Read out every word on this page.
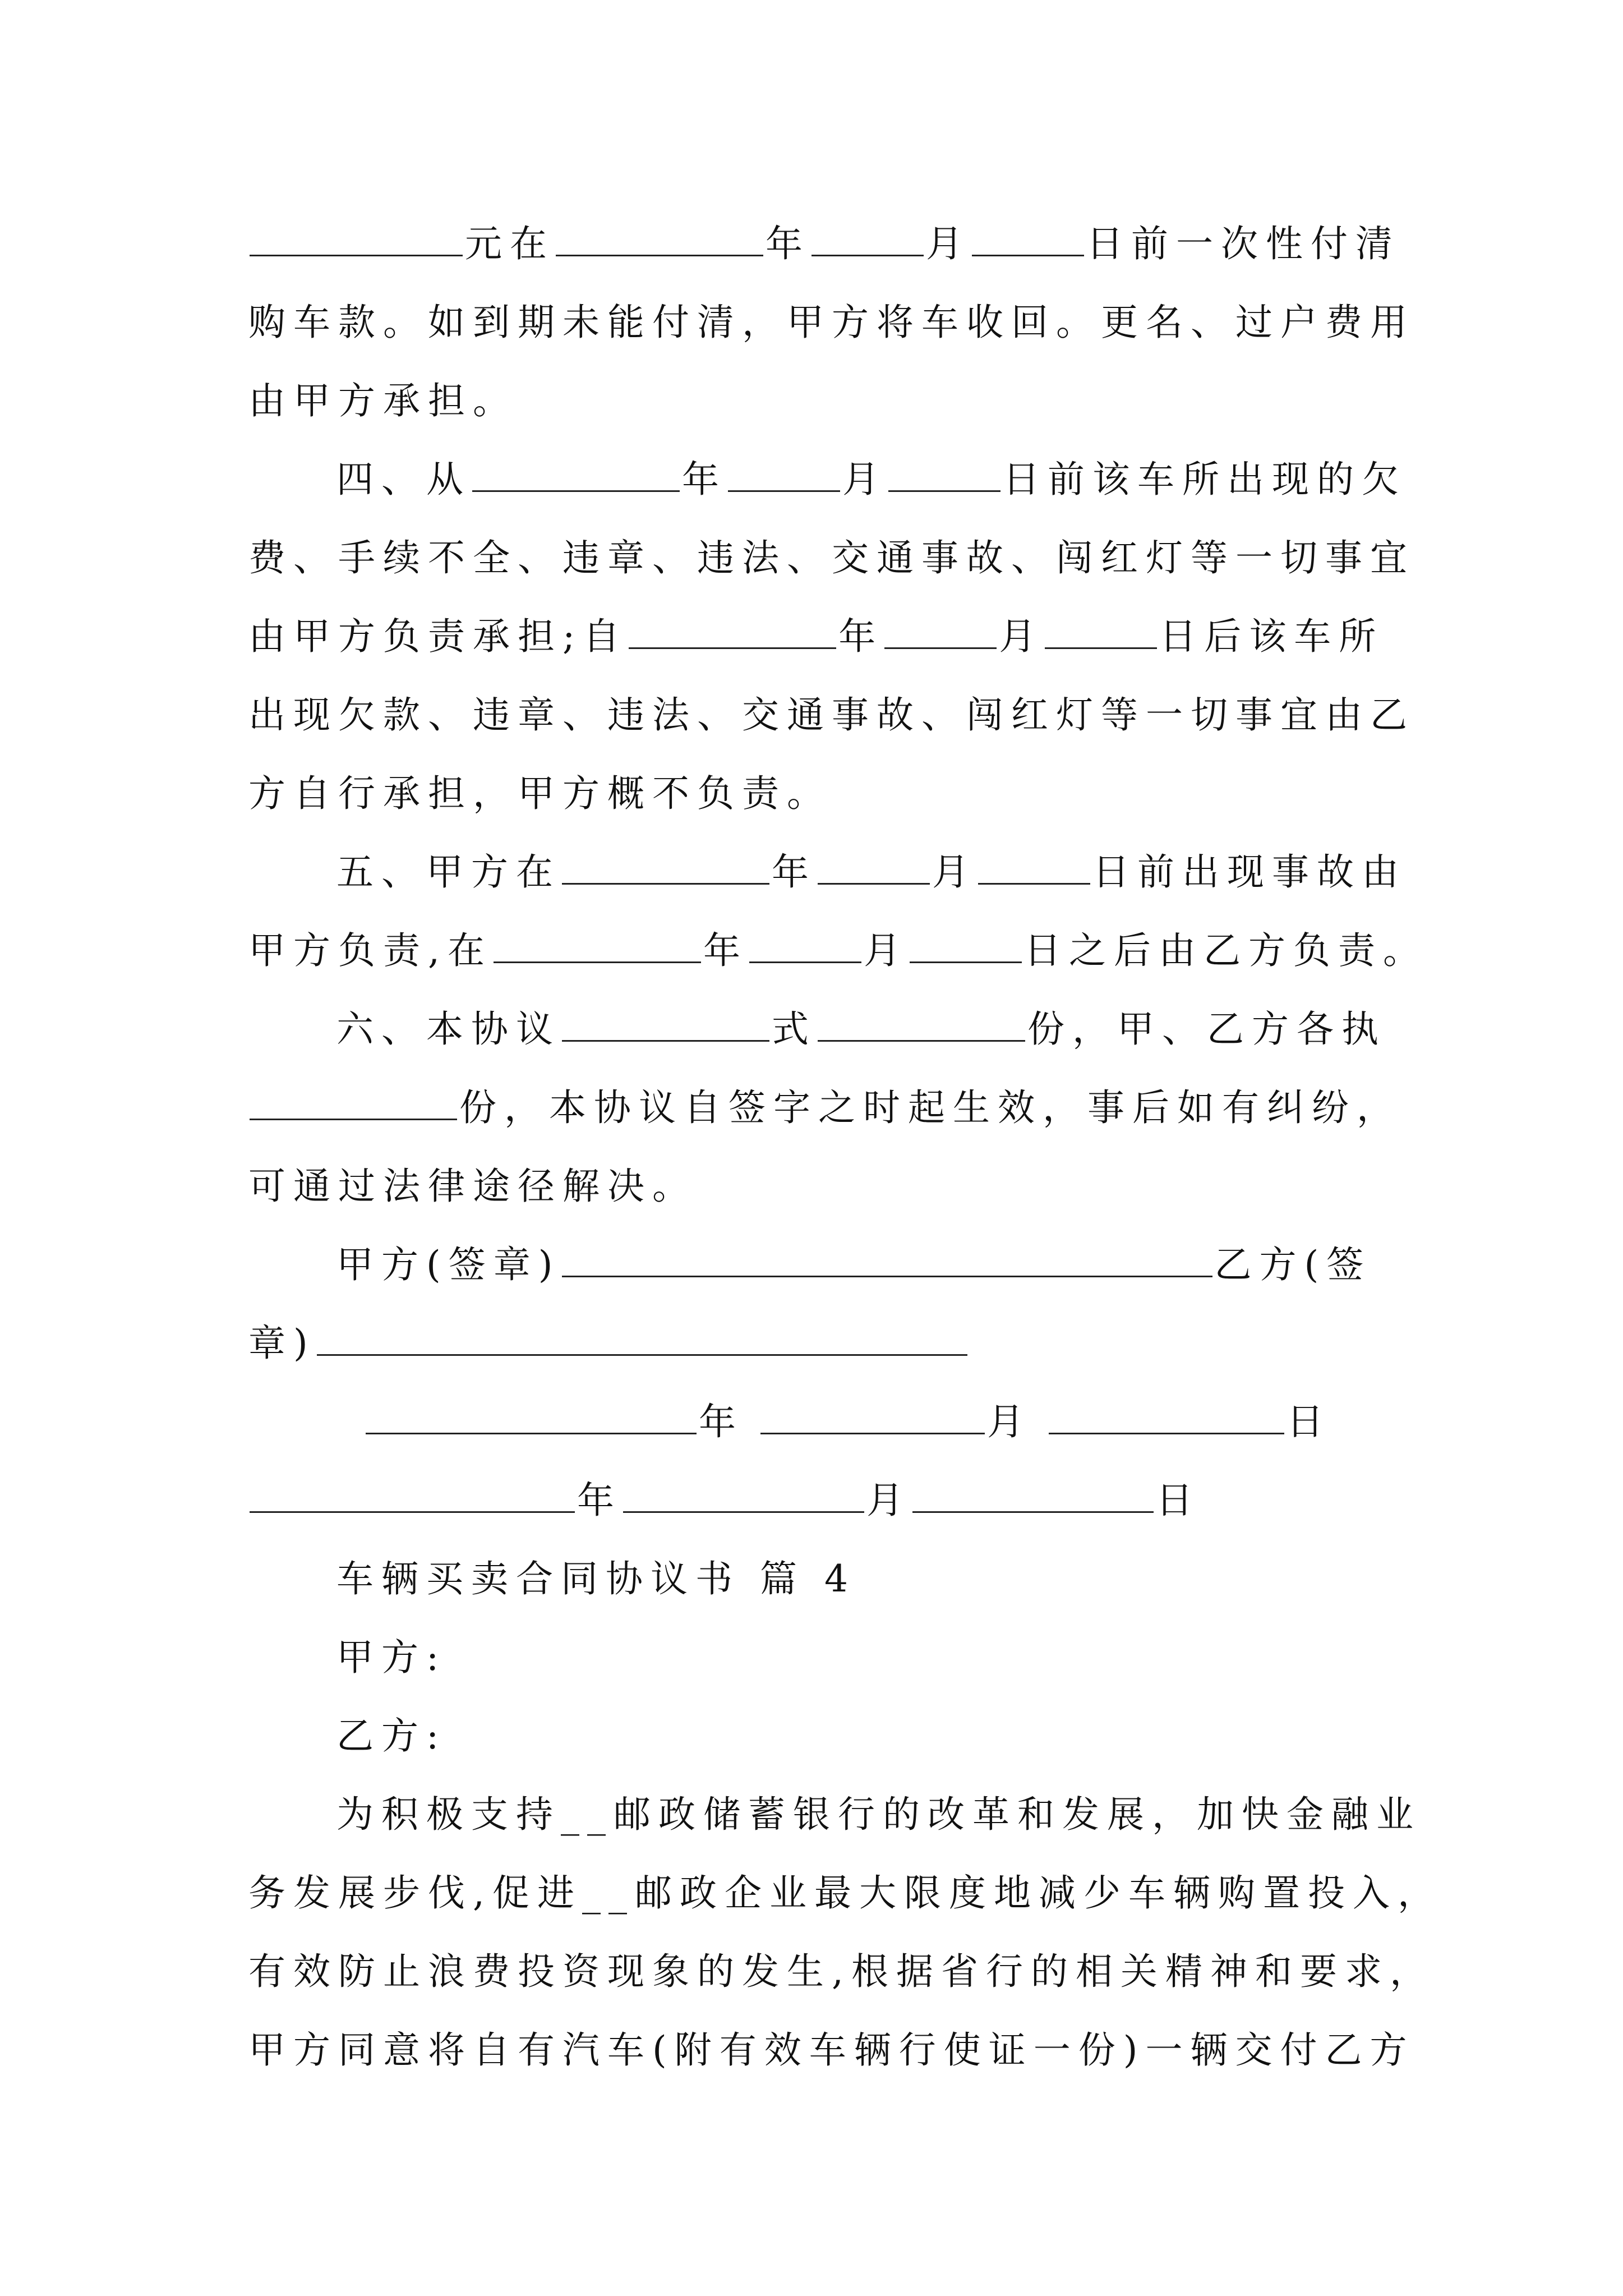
元在	年	月	日前一次性付清
购车款。如到期未能付清，甲方将车收回。更名、过户费用
由甲方承担。
四、从	年	月	日前该车所出现的欠
费、手续不全、违章、违法、交通事故、闯红灯等一切事宜
由甲方负责承担;自	年	月	日后该车所
出现欠款、违章、违法、交通事故、闯红灯等一切事宜由乙
方自行承担，甲方概不负责。
五、甲方在	年	月	日前出现事故由
甲方负责,在	年	月	日之后由乙方负责。
六、本协议	式	份，甲、乙方各执
份，本协议自签字之时起生效，事后如有纠纷，
可通过法律途径解决。
甲方(签章)	乙方(签
章)
年	月	日
年	月	日
车辆买卖合同协议书 篇 4
甲方:
乙方:
为积极支持__邮政储蓄银行的改革和发展，加快金融业
务发展步伐,促进__邮政企业最大限度地减少车辆购置投入，
有效防止浪费投资现象的发生,根据省行的相关精神和要求，
甲方同意将自有汽车(附有效车辆行使证一份)一辆交付乙方
